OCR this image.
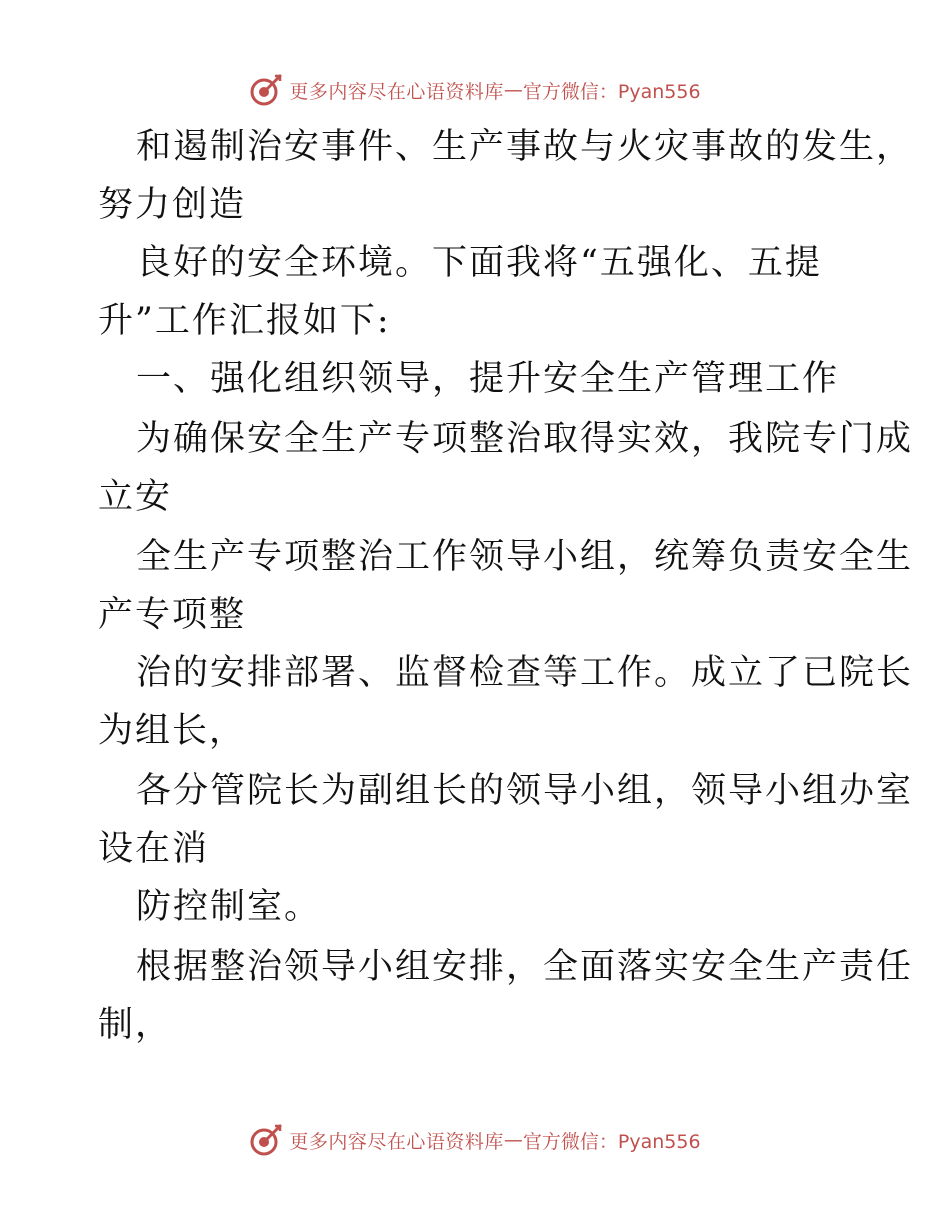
更多内容尽在心语资料库 — 官方微信：Pyan556
和遏制治安事件、生产事故与火灾事故的发生，
努力创造
良好的安全环境。下面我将“五强化、五提
升”工作汇报如下:
一、强化组织领导，提升安全生产管理工作
为确保安全生产专项整治取得实效，我院专门成
立安
全生产专项整治工作领导小组，统筹负责安全生
产专项整
治的安排部署、监督检查等工作。成立了已院长
为组长，
各分管院长为副组长的领导小组，领导小组办室
设在消
防控制室。
根据整治领导小组安排，全面落实安全生产责任
制，
更多内容尽在心语资料库 — 官方微信：Pyan556
